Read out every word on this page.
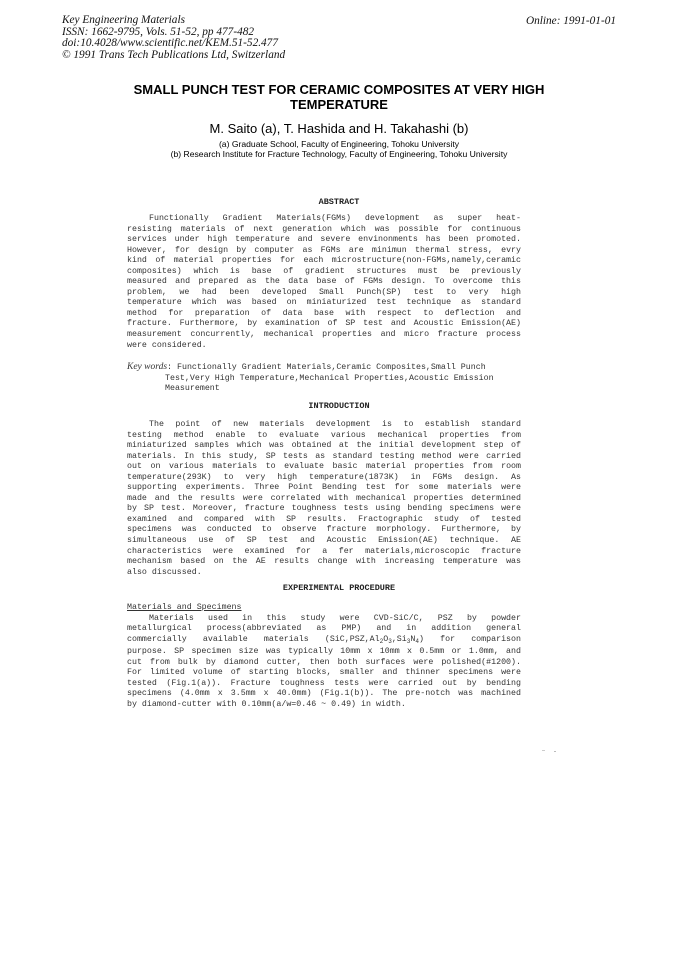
Key Engineering Materials
ISSN: 1662-9795, Vols. 51-52, pp 477-482
doi:10.4028/www.scientific.net/KEM.51-52.477
© 1991 Trans Tech Publications Ltd, Switzerland
Online: 1991-01-01
SMALL PUNCH TEST FOR CERAMIC COMPOSITES AT VERY HIGH
TEMPERATURE
M. Saito (a), T. Hashida and H. Takahashi (b)
(a) Graduate School, Faculty of Engineering, Tohoku University
(b) Research Institute for Fracture Technology, Faculty of Engineering, Tohoku University
ABSTRACT
Functionally Gradient Materials(FGMs) development as super heat-
resisting materials of next generation which was possible for continuous
services under high temperature and severe envinonments has been promoted.
However, for design by computer as FGMs are minimun thermal stress, evry
kind of material properties for each microstructure(non-FGMs,namely,ceramic
composites) which is base of gradient structures must be previously
measured and prepared as the data base of FGMs design. To overcome this
problem, we had been developed Small Punch(SP) test to very high
temperature which was based on miniaturized test technique as standard
method for preparation of data base with respect to deflection and
fracture. Furthermore, by examination of SP test and Acoustic Emission(AE)
measurement concurrently, mechanical properties and micro fracture process
were considered.
Key words: Functionally Gradient Materials,Ceramic Composites,Small Punch
Test,Very High Temperature,Mechanical Properties,Acoustic Emission
Measurement
INTRODUCTION
The point of new materials development is to establish standard
testing method enable to evaluate various mechanical properties from
miniaturized samples which was obtained at the initial development step of
materials. In this study, SP tests as standard testing method were carried
out on various materials to evaluate basic material properties from room
temperature(293K) to very high temperature(1873K) in FGMs design. As
supporting experiments. Three Point Bending test for some materials were
made and the results were correlated with mechanical properties determined
by SP test. Moreover, fracture toughness tests using bending specimens were
examined and compared with SP results. Fractographic study of tested
specimens was conducted to observe fracture morphology. Furthermore, by
simultaneous use of SP test and Acoustic Emission(AE) technique. AE
characteristics were examined for a fer materials,microscopic fracture
mechanism based on the AE results change with increasing temperature was
also discussed.
EXPERIMENTAL PROCEDURE
Materials and Specimens
Materials used in this study were CVD-SiC/C, PSZ by powder
metallurgical process(abbreviated as PMP) and in addition general
commercially available materials $(SiC,PSZ,Al_2O_3,Si_3N_4)$ for comparison
purpose. SP specimen size was typically 10mm x 10mm x 0.5mm or 1.0mm, and
cut from bulk by diamond cutter, then both surfaces were polished(#1200).
For limited volume of starting blocks, smaller and thinner specimens were
tested (Fig.1(a)). Fracture toughness tests were carried out by bending
specimens (4.0mm x 3.5mm x 40.0mm) (Fig.1(b)). The pre-notch was machined
by diamond-cutter with 0.10mm(a/w=0.46 ~ 0.49) in width.
